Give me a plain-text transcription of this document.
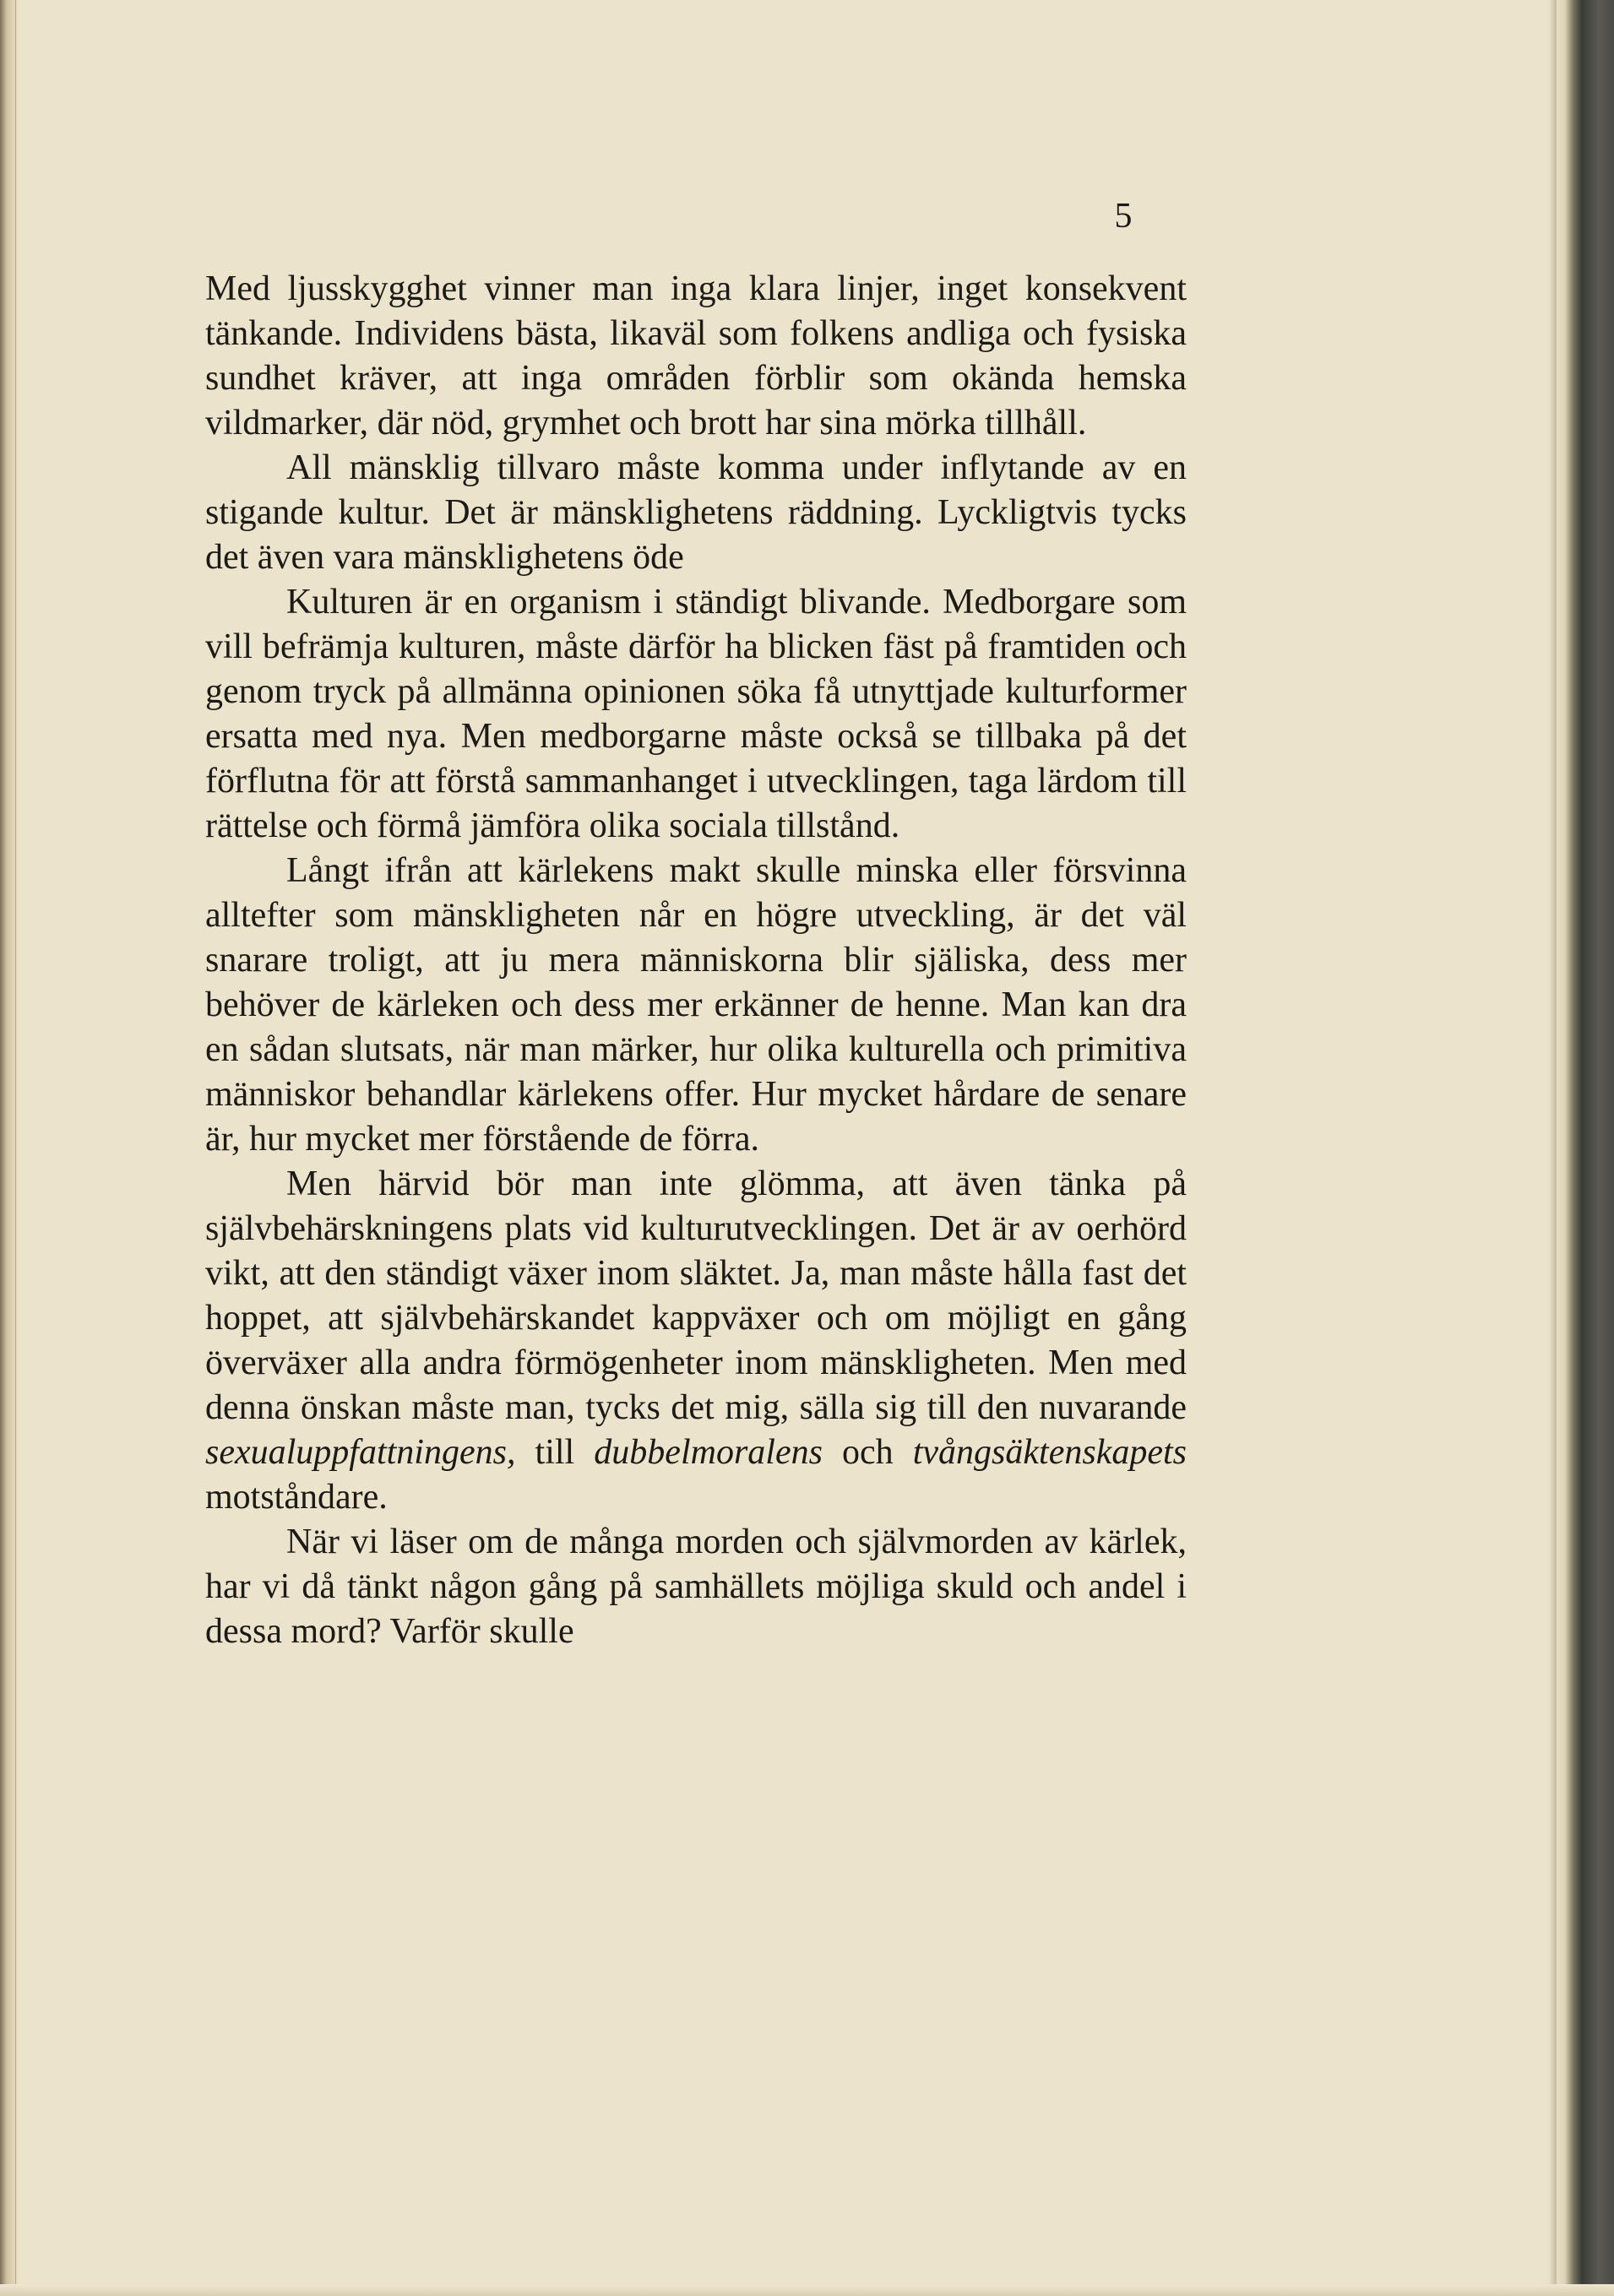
5

Med ljusskygghet vinner man inga klara linjer, inget konsekvent tänkande. Individens bästa, likaväl som folkens andliga och fysiska sundhet kräver, att inga områden förblir som okända hemska vildmarker, där nöd, grymhet och brott har sina mörka tillhåll.

All mänsklig tillvaro måste komma under inflytande av en stigande kultur. Det är mänsklighetens räddning. Lyckligtvis tycks det även vara mänsklighetens öde

Kulturen är en organism i ständigt blivande. Medborgare som vill befrämja kulturen, måste därför ha blicken fäst på framtiden och genom tryck på allmänna opinionen söka få utnyttjade kulturformer ersatta med nya. Men medborgarne måste också se tillbaka på det förflutna för att förstå sammanhanget i utvecklingen, taga lärdom till rättelse och förmå jämföra olika sociala tillstånd.

Långt ifrån att kärlekens makt skulle minska eller försvinna alltefter som mänskligheten når en högre utveckling, är det väl snarare troligt, att ju mera människorna blir själiska, dess mer behöver de kärleken och dess mer erkänner de henne. Man kan dra en sådan slutsats, när man märker, hur olika kulturella och primitiva människor behandlar kärlekens offer. Hur mycket hårdare de senare är, hur mycket mer förstående de förra.

Men härvid bör man inte glömma, att även tänka på självbehärskningens plats vid kulturutvecklingen. Det är av oerhörd vikt, att den ständigt växer inom släktet. Ja, man måste hålla fast det hoppet, att självbehärskandet kappväxer och om möjligt en gång överväxer alla andra förmögenheter inom mänskligheten. Men med denna önskan måste man, tycks det mig, sälla sig till den nuvarande sexualuppfattningens, till dubbelmoralens och tvångsäktenskapets motståndare.

När vi läser om de många morden och självmorden av kärlek, har vi då tänkt någon gång på samhällets möjliga skuld och andel i dessa mord? Varför skulle
